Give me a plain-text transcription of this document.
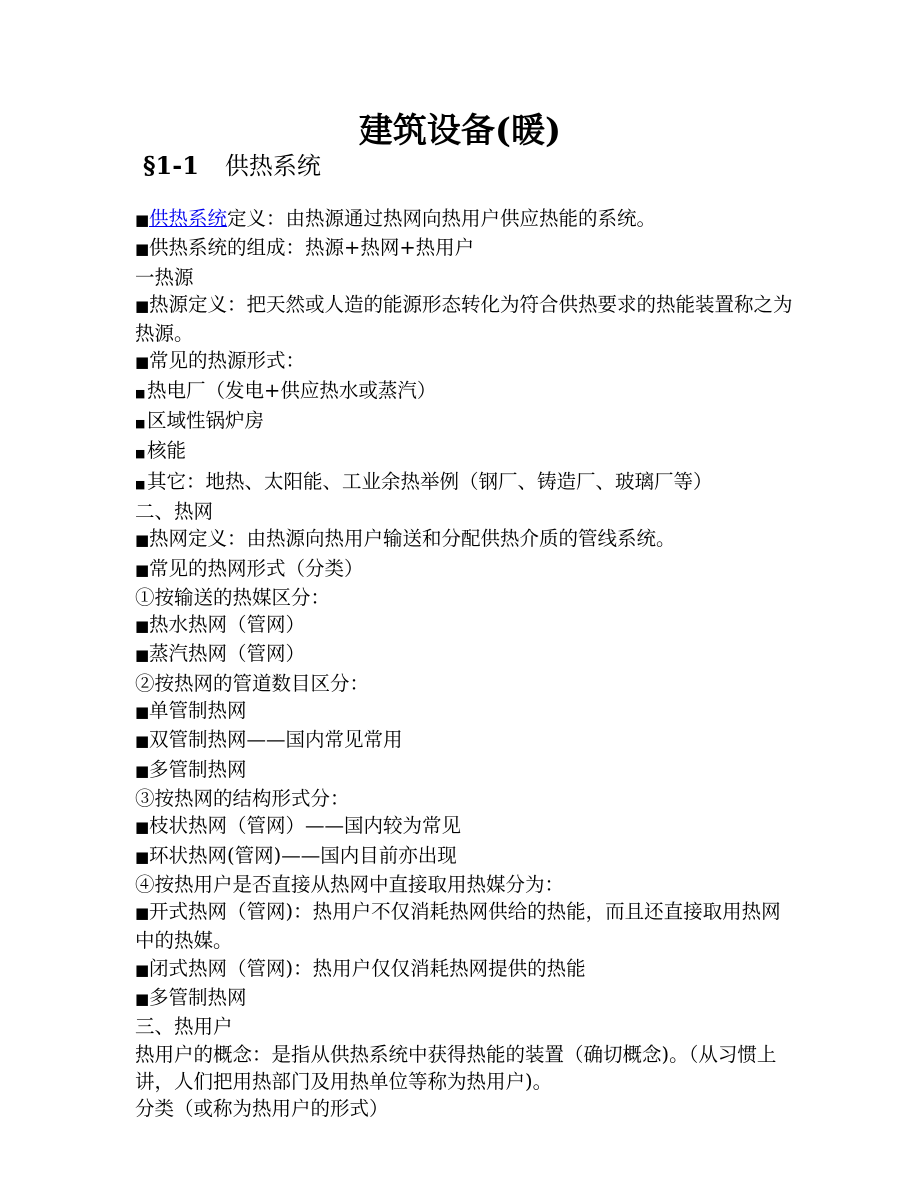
建筑设备(暖)
§1-1 供热系统
■供热系统定义：由热源通过热网向热用户供应热能的系统。
■供热系统的组成：热源+热网+热用户
一热源
■热源定义：把天然或人造的能源形态转化为符合供热要求的热能装置称之为热源。
■常见的热源形式：
■热电厂（发电+供应热水或蒸汽）
■区域性锅炉房
■核能
■其它：地热、太阳能、工业余热举例（钢厂、铸造厂、玻璃厂等）
二、热网
■热网定义：由热源向热用户输送和分配供热介质的管线系统。
■常见的热网形式（分类）
①按输送的热媒区分：
■热水热网（管网）
■蒸汽热网（管网）
②按热网的管道数目区分：
■单管制热网
■双管制热网——国内常见常用
■多管制热网
③按热网的结构形式分：
■枝状热网（管网）——国内较为常见
■环状热网(管网)——国内目前亦出现
④按热用户是否直接从热网中直接取用热媒分为：
■开式热网（管网)：热用户不仅消耗热网供给的热能，而且还直接取用热网中的热媒。
■闭式热网（管网)：热用户仅仅消耗热网提供的热能
■多管制热网
三、热用户
热用户的概念：是指从供热系统中获得热能的装置（确切概念)。（从习惯上讲，人们把用热部门及用热单位等称为热用户)。
分类（或称为热用户的形式）
